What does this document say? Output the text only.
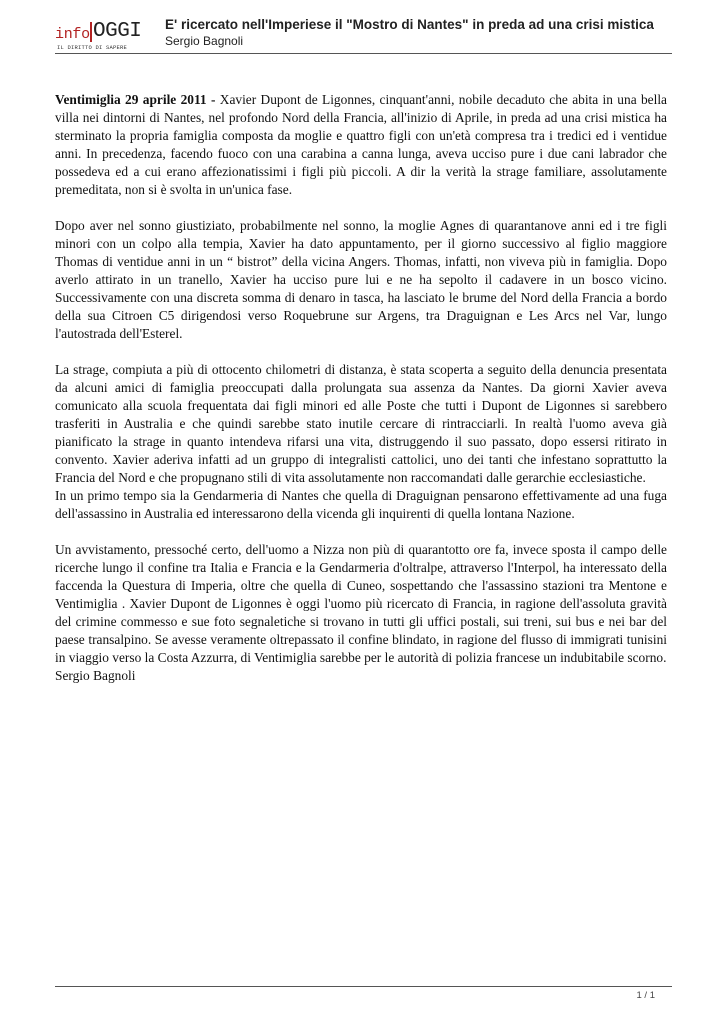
info OGGI
IL DIRITTO DI SAPERE
E' ricercato nell'Imperiese il "Mostro di Nantes" in preda ad una crisi mistica
Sergio Bagnoli

Ventimiglia 29 aprile 2011 - Xavier Dupont de Ligonnes, cinquant'anni, nobile decaduto che abita in una bella villa nei dintorni di Nantes, nel profondo Nord della Francia, all'inizio di Aprile, in preda ad una crisi mistica ha sterminato la propria famiglia composta da moglie e quattro figli con un'età compresa tra i tredici ed i ventidue anni. In precedenza, facendo fuoco con una carabina a canna lunga, aveva ucciso pure i due cani labrador che possedeva ed a cui erano affezionatissimi i figli più piccoli. A dir la verità la strage familiare, assolutamente premeditata, non si è svolta in un'unica fase.

Dopo aver nel sonno giustiziato, probabilmente nel sonno, la moglie Agnes di quarantanove anni ed i tre figli minori con un colpo alla tempia, Xavier ha dato appuntamento, per il giorno successivo al figlio maggiore Thomas di ventidue anni in un “ bistrot” della vicina Angers. Thomas, infatti, non viveva più in famiglia. Dopo averlo attirato in un tranello, Xavier ha ucciso pure lui e ne ha sepolto il cadavere in un bosco vicino. Successivamente con una discreta somma di denaro in tasca, ha lasciato le brume del Nord della Francia a bordo della sua Citroen C5 dirigendosi verso Roquebrune sur Argens, tra Draguignan e Les Arcs nel Var, lungo l'autostrada dell'Esterel.

La strage, compiuta a più di ottocento chilometri di distanza, è stata scoperta a seguito della denuncia presentata da alcuni amici di famiglia preoccupati dalla prolungata sua assenza da Nantes. Da giorni Xavier aveva comunicato alla scuola frequentata dai figli minori ed alle Poste che tutti i Dupont de Ligonnes si sarebbero trasferiti in Australia e che quindi sarebbe stato inutile cercare di rintracciarli. In realtà l'uomo aveva già pianificato la strage in quanto intendeva rifarsi una vita, distruggendo il suo passato, dopo essersi ritirato in convento. Xavier aderiva infatti ad un gruppo di integralisti cattolici, uno dei tanti che infestano soprattutto la Francia del Nord e che propugnano stili di vita assolutamente non raccomandati dalle gerarchie ecclesiastiche.

In un primo tempo sia la Gendarmeria di Nantes che quella di Draguignan pensarono effettivamente ad una fuga dell'assassino in Australia ed interessarono della vicenda gli inquirenti di quella lontana Nazione.

Un avvistamento, pressoché certo, dell'uomo a Nizza non più di quarantotto ore fa, invece sposta il campo delle ricerche lungo il confine tra Italia e Francia e la Gendarmeria d'oltralpe, attraverso l'Interpol, ha interessato della faccenda la Questura di Imperia, oltre che quella di Cuneo, sospettando che l'assassino stazioni tra Mentone e Ventimiglia . Xavier Dupont de Ligonnes è oggi l'uomo più ricercato di Francia, in ragione dell'assoluta gravità del crimine commesso e sue foto segnaletiche si trovano in tutti gli uffici postali, sui treni, sui bus e nei bar del paese transalpino. Se avesse veramente oltrepassato il confine blindato, in ragione del flusso di immigrati tunisini in viaggio verso la Costa Azzurra, di Ventimiglia sarebbe per le autorità di polizia francese un indubitabile scorno.

Sergio Bagnoli

1 / 1
